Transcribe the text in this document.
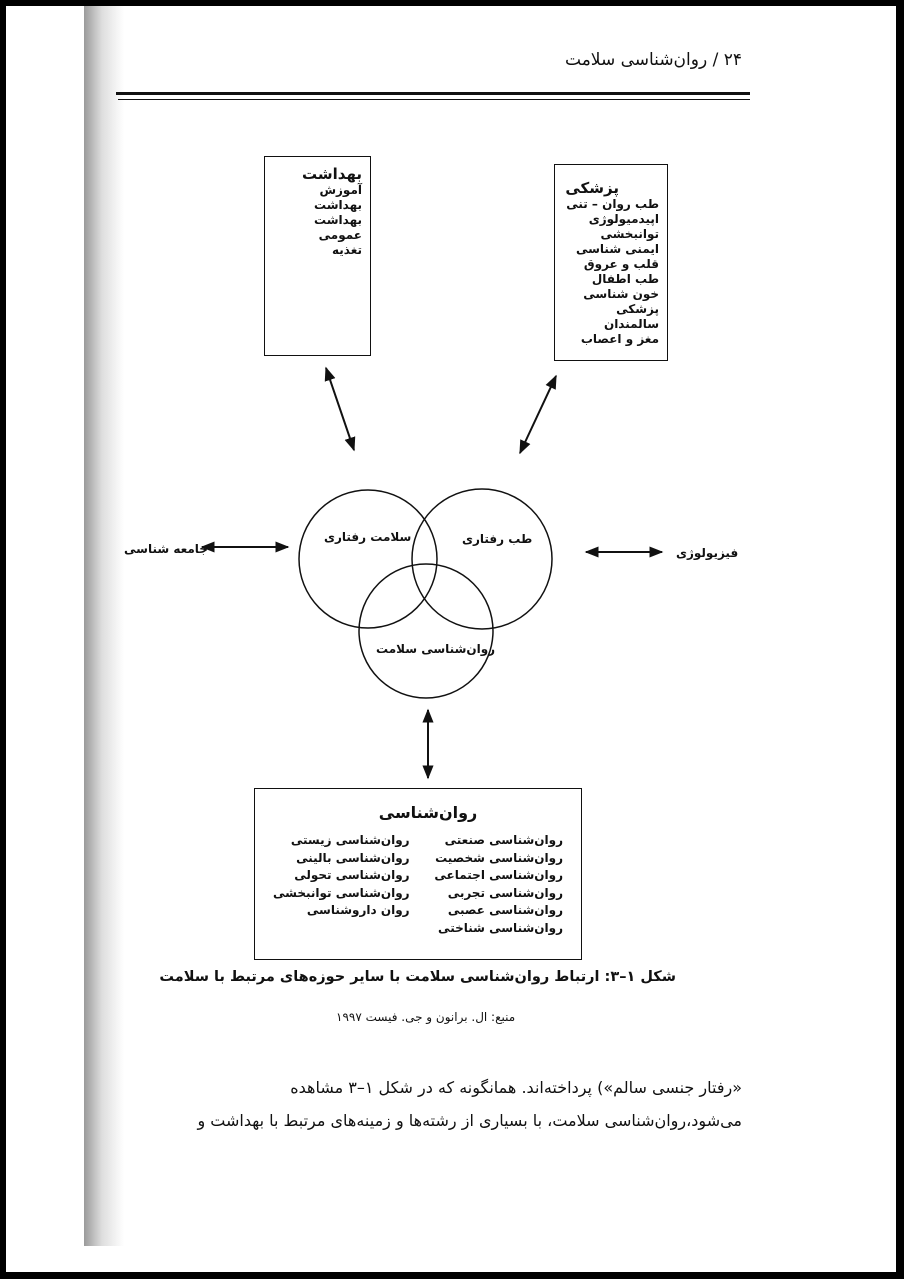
۲۴ / روان‌شناسی سلامت
بهداشت
آموزش بهداشت
بهداشت عمومی
تغذیه
پزشکی
طب روان – تنی
اپیدمیولوژی
توانبخشی
ایمنی شناسی
قلب و عروق
طب اطفال
خون شناسی
پزشکی سالمندان
مغز و اعصاب
سلامت رفتاری	طب رفتاری
روان‌شناسی سلامت
جامعه شناسی	فیزیولوژی
روان‌شناسی
روان‌شناسی صنعتی
روان‌شناسی شخصیت
روان‌شناسی اجتماعی
روان‌شناسی تجربی
روان‌شناسی عصبی
روان‌شناسی شناختی
روان‌شناسی زیستی
روان‌شناسی بالینی
روان‌شناسی تحولی
روان‌شناسی توانبخشی
روان داروشناسی
شکل ۱–۳: ارتباط روان‌شناسی سلامت با سایر حوزه‌های مرتبط با سلامت
منبع: ال. برانون و جی. فیست ۱۹۹۷
«رفتار جنسی سالم») پرداخته‌اند. همانگونه که در شکل ۱–۳ مشاهده
می‌شود،روان‌شناسی سلامت، با بسیاری از رشته‌ها و زمینه‌های مرتبط با بهداشت و
